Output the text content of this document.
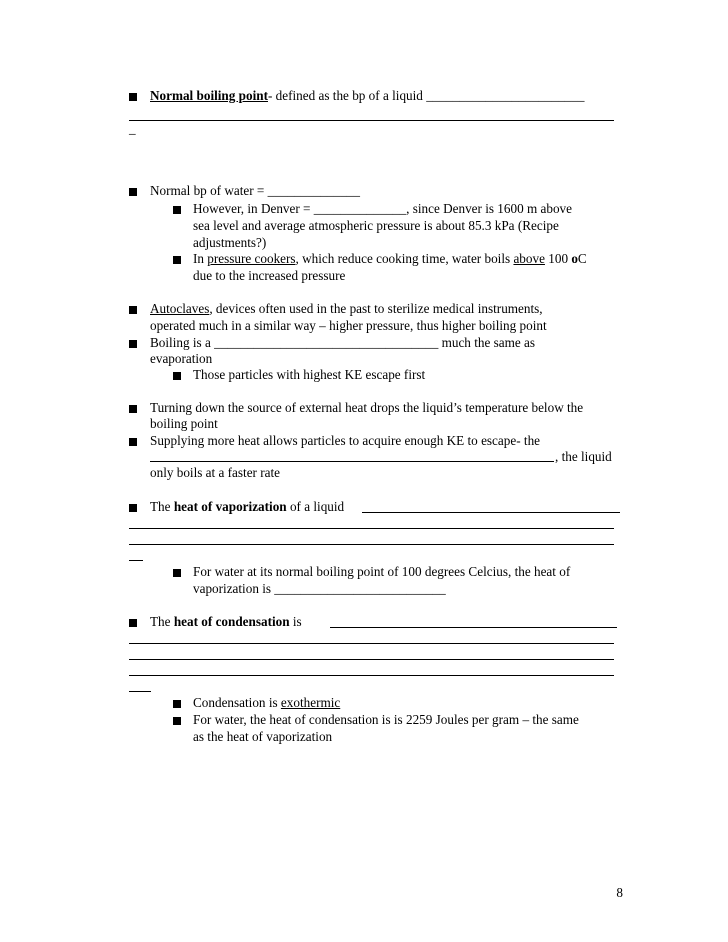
Normal boiling point- defined as the bp of a liquid ________________________
_
Normal bp of water = ______________
However, in Denver = ______________, since Denver is 1600 m above
sea level and average atmospheric pressure is about 85.3 kPa (Recipe
adjustments?)
In pressure cookers, which reduce cooking time, water boils above 100 oC
due to the increased pressure
Autoclaves, devices often used in the past to sterilize medical instruments,
operated much in a similar way – higher pressure, thus higher boiling point
Boiling is a __________________________________ much the same as
evaporation
Those particles with highest KE escape first
Turning down the source of external heat drops the liquid’s temperature below the
boiling point
Supplying more heat allows particles to acquire enough KE to escape- the
, the liquid
only boils at a faster rate
The heat of vaporization of a liquid
For water at its normal boiling point of 100 degrees Celcius, the heat of
vaporization is __________________________
The heat of condensation is
Condensation is exothermic
For water, the heat of condensation is is 2259 Joules per gram – the same
as the heat of vaporization
8
